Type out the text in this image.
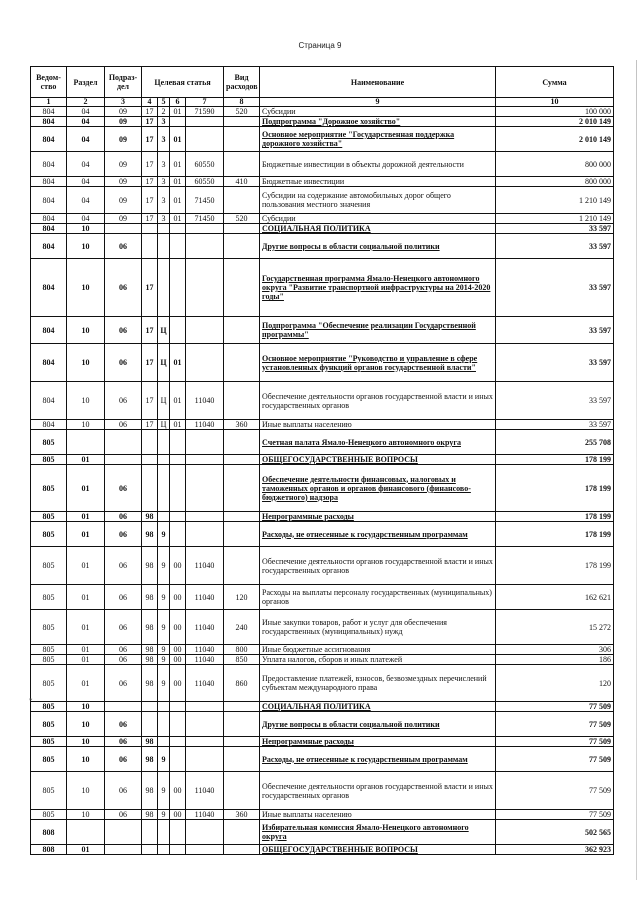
Страница 9
Ведом-ство	Раздел	Подраз-дел	Целевая статья				Вид расходов	Наименование	Сумма
1	2	3	4	5	6	7	8	9	10
804	04	09	17	2	01	71590	520	Субсидии	100 000
804	04	09	17	3				Подпрограмма "Дорожное хозяйство"	2 010 149
804	04	09	17	3	01			Основное мероприятие "Государственная поддержка дорожного хозяйства"	2 010 149
804	04	09	17	3	01	60550		Бюджетные инвестиции в объекты дорожной деятельности	800 000
804	04	09	17	3	01	60550	410	Бюджетные инвестиции	800 000
804	04	09	17	3	01	71450		Субсидии на содержание автомобильных дорог общего пользования местного значения	1 210 149
804	04	09	17	3	01	71450	520	Субсидии	1 210 149
804	10							СОЦИАЛЬНАЯ ПОЛИТИКА	33 597
804	10	06						Другие вопросы в области социальной политики	33 597
804	10	06	17					Государственная программа Ямало-Ненецкого автономного округа "Развитие транспортной инфраструктуры на 2014-2020 годы"	33 597
804	10	06	17	Ц				Подпрограмма "Обеспечение реализации Государственной программы"	33 597
804	10	06	17	Ц	01			Основное мероприятие "Руководство и управление в сфере установленных функций органов государственной власти"	33 597
804	10	06	17	Ц	01	11040		Обеспечение деятельности органов государственной власти и иных государственных органов	33 597
804	10	06	17	Ц	01	11040	360	Иные выплаты населению	33 597
805								Счетная палата Ямало-Ненецкого автономного округа	255 708
805	01							ОБЩЕГОСУДАРСТВЕННЫЕ ВОПРОСЫ	178 199
805	01	06						Обеспечение деятельности финансовых, налоговых и таможенных органов и органов финансового (финансово-бюджетного) надзора	178 199
805	01	06	98					Непрограммные расходы	178 199
805	01	06	98	9				Расходы, не отнесенные к государственным программам	178 199
805	01	06	98	9	00	11040		Обеспечение деятельности органов государственной власти и иных государственных органов	178 199
805	01	06	98	9	00	11040	120	Расходы на выплаты персоналу государственных (муниципальных) органов	162 621
805	01	06	98	9	00	11040	240	Иные закупки товаров, работ и услуг для обеспечения государственных (муниципальных) нужд	15 272
805	01	06	98	9	00	11040	800	Иные бюджетные ассигнования	306
805	01	06	98	9	00	11040	850	Уплата налогов, сборов и иных платежей	186
805	01	06	98	9	00	11040	860	Предоставление платежей, взносов, безвозмездных перечислений субъектам международного права	120
805	10							СОЦИАЛЬНАЯ ПОЛИТИКА	77 509
805	10	06						Другие вопросы в области социальной политики	77 509
805	10	06	98					Непрограммные расходы	77 509
805	10	06	98	9				Расходы, не отнесенные к государственным программам	77 509
805	10	06	98	9	00	11040		Обеспечение деятельности органов государственной власти и иных государственных органов	77 509
805	10	06	98	9	00	11040	360	Иные выплаты населению	77 509
808								Избирательная комиссия Ямало-Ненецкого автономного округа	502 565
808	01							ОБЩЕГОСУДАРСТВЕННЫЕ ВОПРОСЫ	362 923
*
